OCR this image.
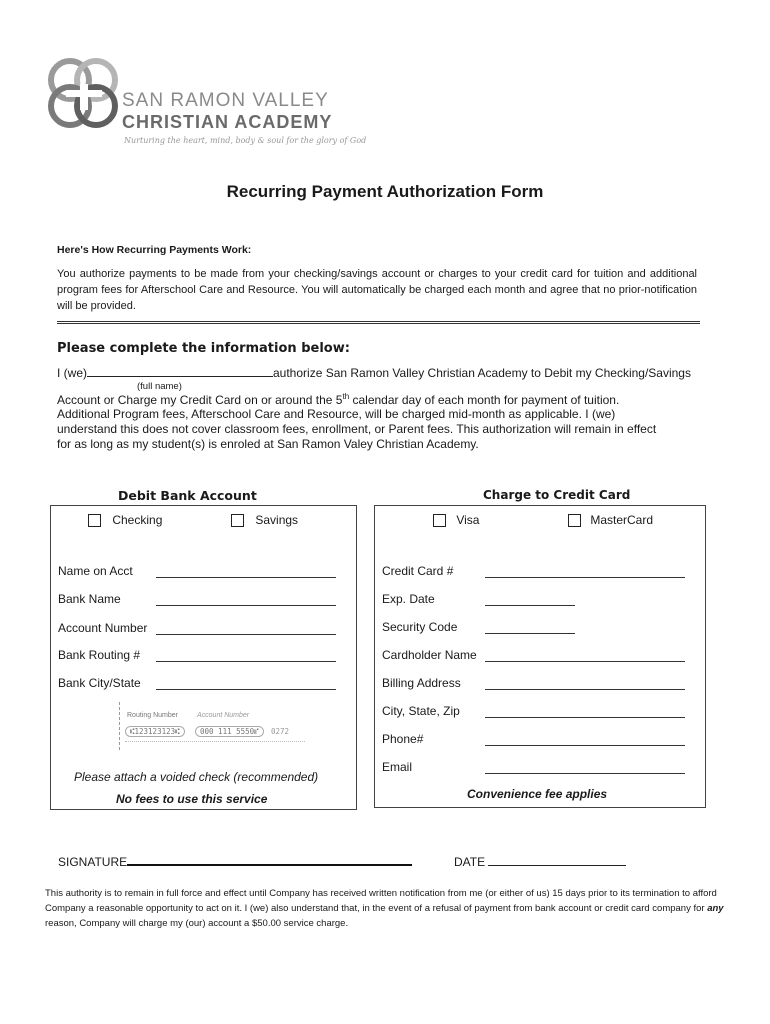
SAN RAMON VALLEY
CHRISTIAN ACADEMY
Nurturing the heart, mind, body & soul for the glory of God
Recurring Payment Authorization Form
Here's How Recurring Payments Work:
You authorize payments to be made from your checking/savings account or charges to your credit card for tuition and additional program fees for Afterschool Care and Resource. You will automatically be charged each month and agree that no prior-notification will be provided.
Please complete the information below:
I (we)	authorize San Ramon Valley Christian Academy to Debit my Checking/Savings
(full name)
Account or Charge my Credit Card on or around the 5th calendar day of each month for payment of tuition.
Additional Program fees, Afterschool Care and Resource, will be charged mid-month as applicable. I (we)
understand this does not cover classroom fees, enrollment, or Parent fees. This authorization will remain in effect
for as long as my student(s) is enroled at San Ramon Valey Christian Academy.
Debit Bank Account
Checking	Savings
Name on Acct
Bank Name
Account Number
Bank Routing #
Bank City/State
Routing Number	Account Number
⑆123123123⑆	000 111 5550⑈	0272
Please attach a voided check (recommended)
No fees to use this service
Charge to Credit Card
Visa	MasterCard
Credit Card #
Exp. Date
Security Code
Cardholder Name
Billing Address
City, State, Zip
Phone#
Email
Convenience fee applies
SIGNATURE	DATE
This authority is to remain in full force and effect until Company has received written notification from me (or either of us) 15 days prior to its termination to afford Company a reasonable opportunity to act on it. I (we) also understand that, in the event of a refusal of payment from bank account or credit card company for any reason, Company will charge my (our) account a $50.00 service charge.
